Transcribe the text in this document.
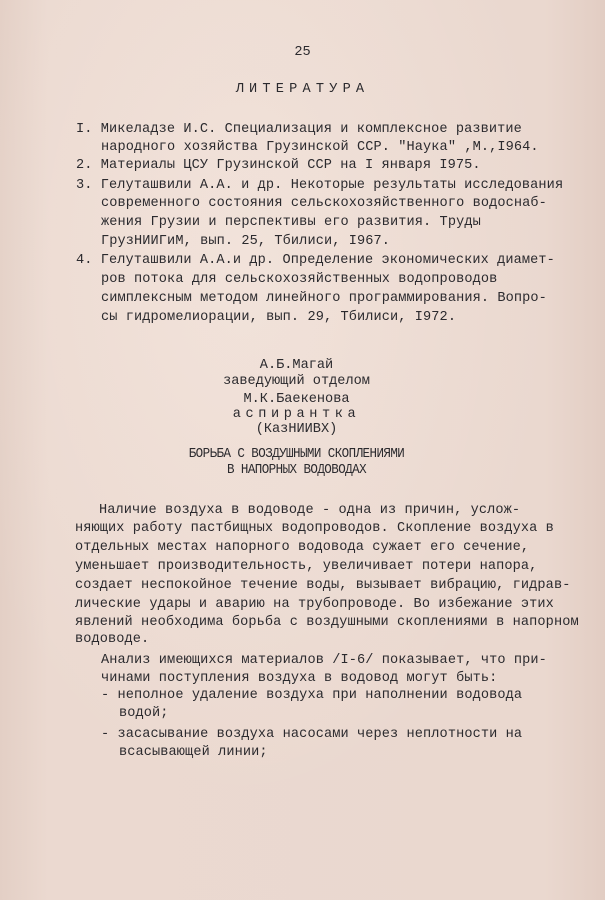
25
ЛИТЕРАТУРА
I. Микеладзе И.С. Специализация и комплексное развитие
народного хозяйства Грузинской ССР. "Наука" ,М.,I964.
2. Материалы ЦСУ Грузинской ССР на I января I975.
3. Гелуташвили А.А. и др. Некоторые результаты исследования
современного состояния сельскохозяйственного водоснаб-
жения Грузии и перспективы его развития. Труды
ГрузНИИГиМ, вып. 25, Тбилиси, I967.
4. Гелуташвили А.А.и др. Определение экономических диамет-
ров потока для сельскохозяйственных водопроводов
симплексным методом линейного программирования. Вопро-
сы гидромелиорации, вып. 29, Тбилиси, I972.
А.Б.Магай
заведующий отделом
М.К.Баекенова
аспирантка
(КазНИИВХ)
БОРЬБА С ВОЗДУШНЫМИ СКОПЛЕНИЯМИ
В НАПОРНЫХ ВОДОВОДАХ
Наличие воздуха в водоводе - одна из причин, услож-
няющих работу пастбищных водопроводов. Скопление воздуха в
отдельных местах напорного водовода сужает его сечение,
уменьшает производительность, увеличивает потери напора,
создает неспокойное течение воды, вызывает вибрацию, гидрав-
лические удары и аварию на трубопроводе. Во избежание этих
явлений необходима борьба с воздушными скоплениями в напорном
водоводе.
Анализ имеющихся материалов /I-6/ показывает, что при-
чинами поступления воздуха в водовод могут быть:
- неполное удаление воздуха при наполнении водовода
водой;
- засасывание воздуха насосами через неплотности на
всасывающей линии;
